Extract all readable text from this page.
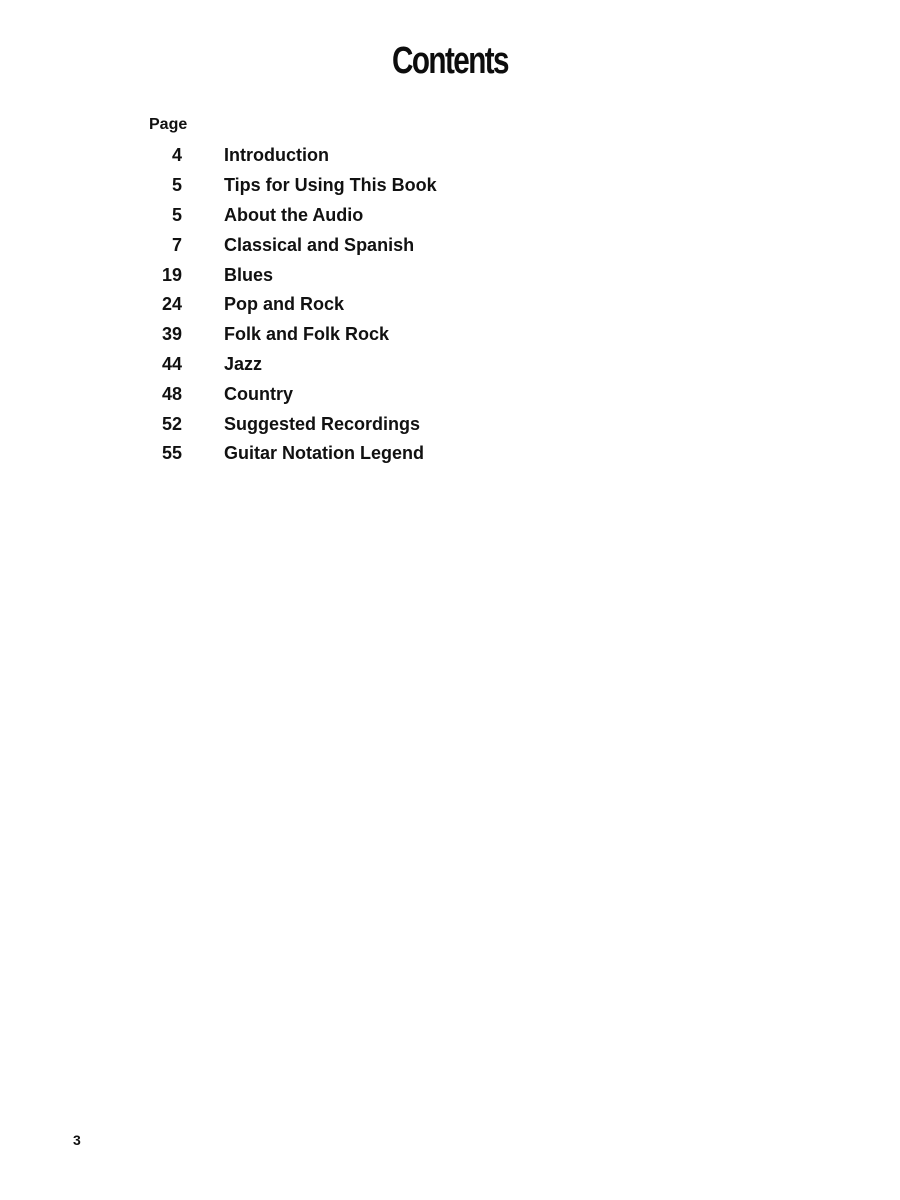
Contents
Page
4 Introduction
5 Tips for Using This Book
5 About the Audio
7 Classical and Spanish
19 Blues
24 Pop and Rock
39 Folk and Folk Rock
44 Jazz
48 Country
52 Suggested Recordings
55 Guitar Notation Legend
3
